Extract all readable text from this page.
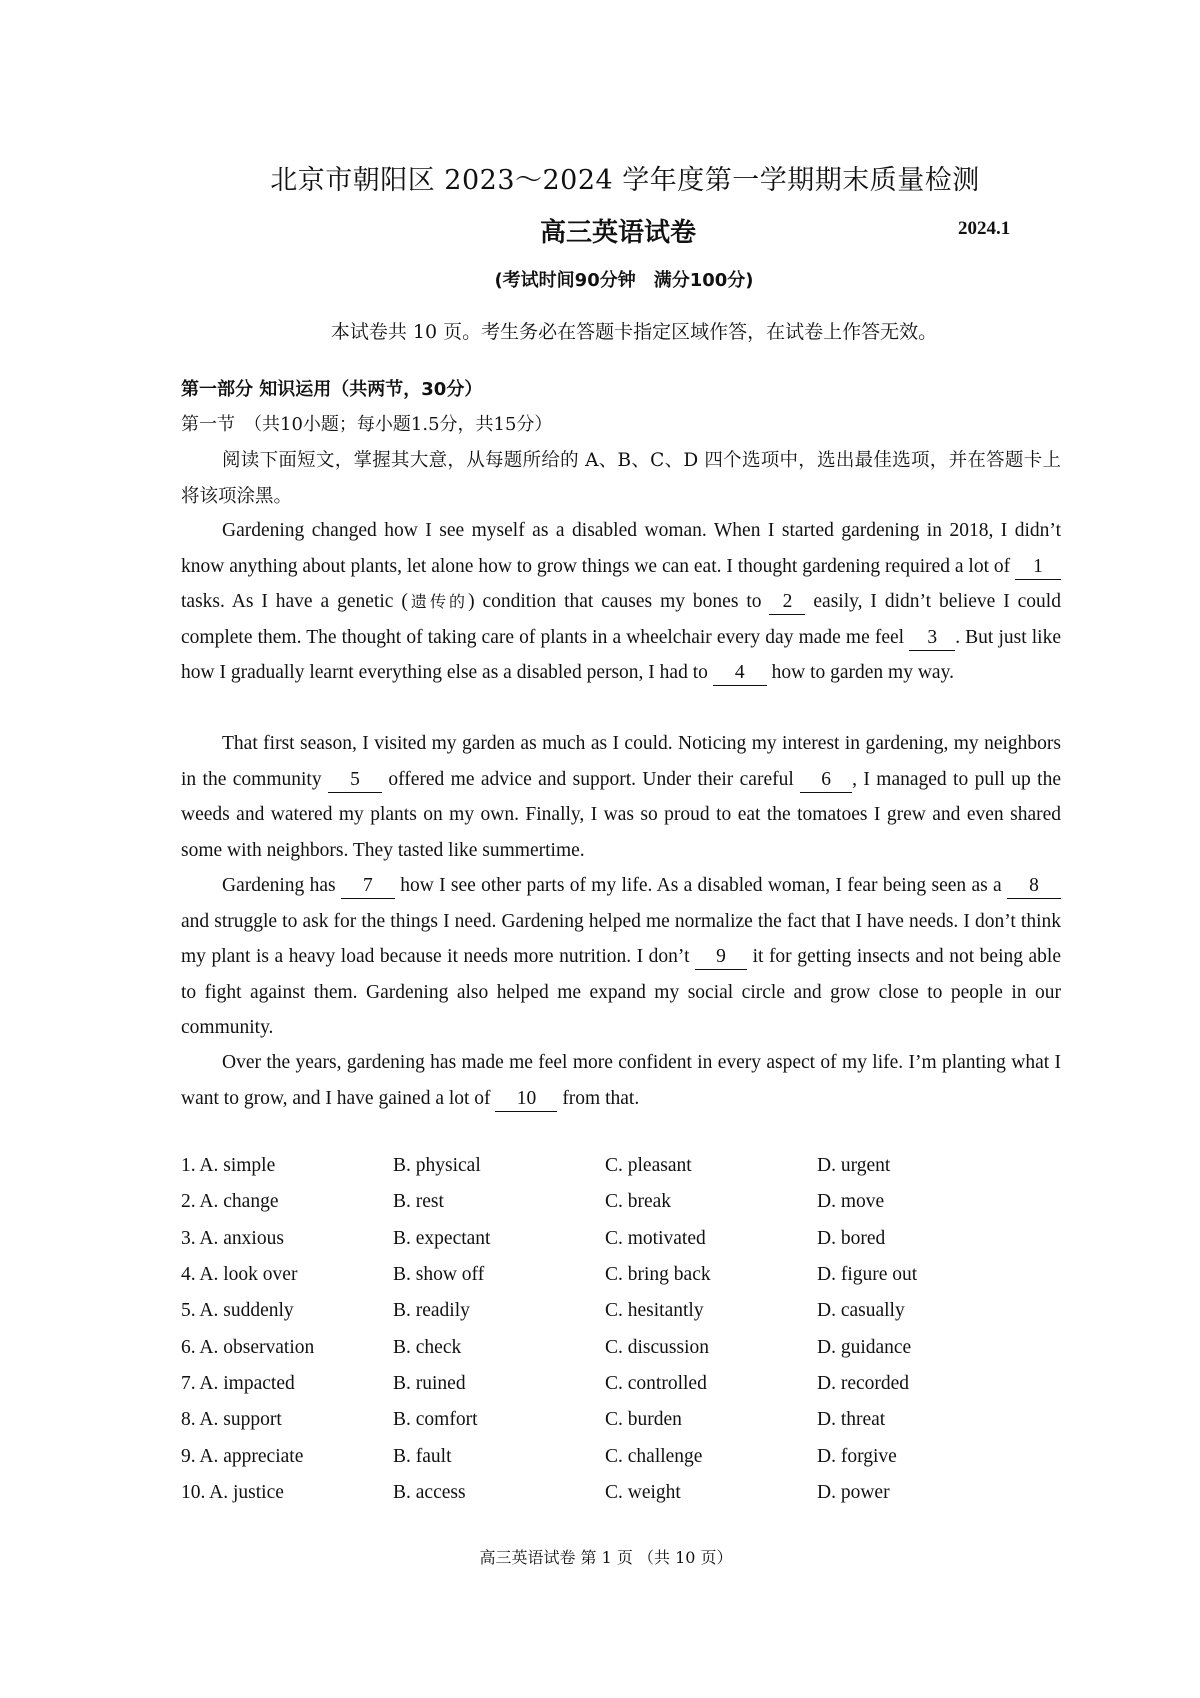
北京市朝阳区 2023～2024 学年度第一学期期末质量检测
高三英语试卷	2024.1
(考试时间90分钟　满分100分)
本试卷共 10 页。考生务必在答题卡指定区域作答，在试卷上作答无效。
第一部分 知识运用（共两节，30分）
第一节　（共10小题；每小题1.5分，共15分）

阅读下面短文，掌握其大意，从每题所给的 A、B、C、D 四个选项中，选出最佳选项，并在答题卡上将该项涂黑。

Gardening changed how I see myself as a disabled woman. When I started gardening in 2018, I didn’t know anything about plants, let alone how to grow things we can eat. I thought gardening required a lot of 1 tasks. As I have a genetic (遗传的) condition that causes my bones to 2 easily, I didn’t believe I could complete them. The thought of taking care of plants in a wheelchair every day made me feel 3 . But just like how I gradually learnt everything else as a disabled person, I had to 4 how to garden my way.

That first season, I visited my garden as much as I could. Noticing my interest in gardening, my neighbors in the community 5 offered me advice and support. Under their careful 6 , I managed to pull up the weeds and watered my plants on my own. Finally, I was so proud to eat the tomatoes I grew and even shared some with neighbors. They tasted like summertime.

Gardening has 7 how I see other parts of my life. As a disabled woman, I fear being seen as a 8 and struggle to ask for the things I need. Gardening helped me normalize the fact that I have needs. I don’t think my plant is a heavy load because it needs more nutrition. I don’t 9 it for getting insects and not being able to fight against them. Gardening also helped me expand my social circle and grow close to people in our community.

Over the years, gardening has made me feel more confident in every aspect of my life. I’m planting what I want to grow, and I have gained a lot of 10 from that.

1. A. simple	B. physical	C. pleasant	D. urgent
2. A. change	B. rest	C. break	D. move
3. A. anxious	B. expectant	C. motivated	D. bored
4. A. look over	B. show off	C. bring back	D. figure out
5. A. suddenly	B. readily	C. hesitantly	D. casually
6. A. observation	B. check	C. discussion	D. guidance
7. A. impacted	B. ruined	C. controlled	D. recorded
8. A. support	B. comfort	C. burden	D. threat
9. A. appreciate	B. fault	C. challenge	D. forgive
10. A. justice	B. access	C. weight	D. power
高三英语试卷 第 1 页 （共 10 页）
